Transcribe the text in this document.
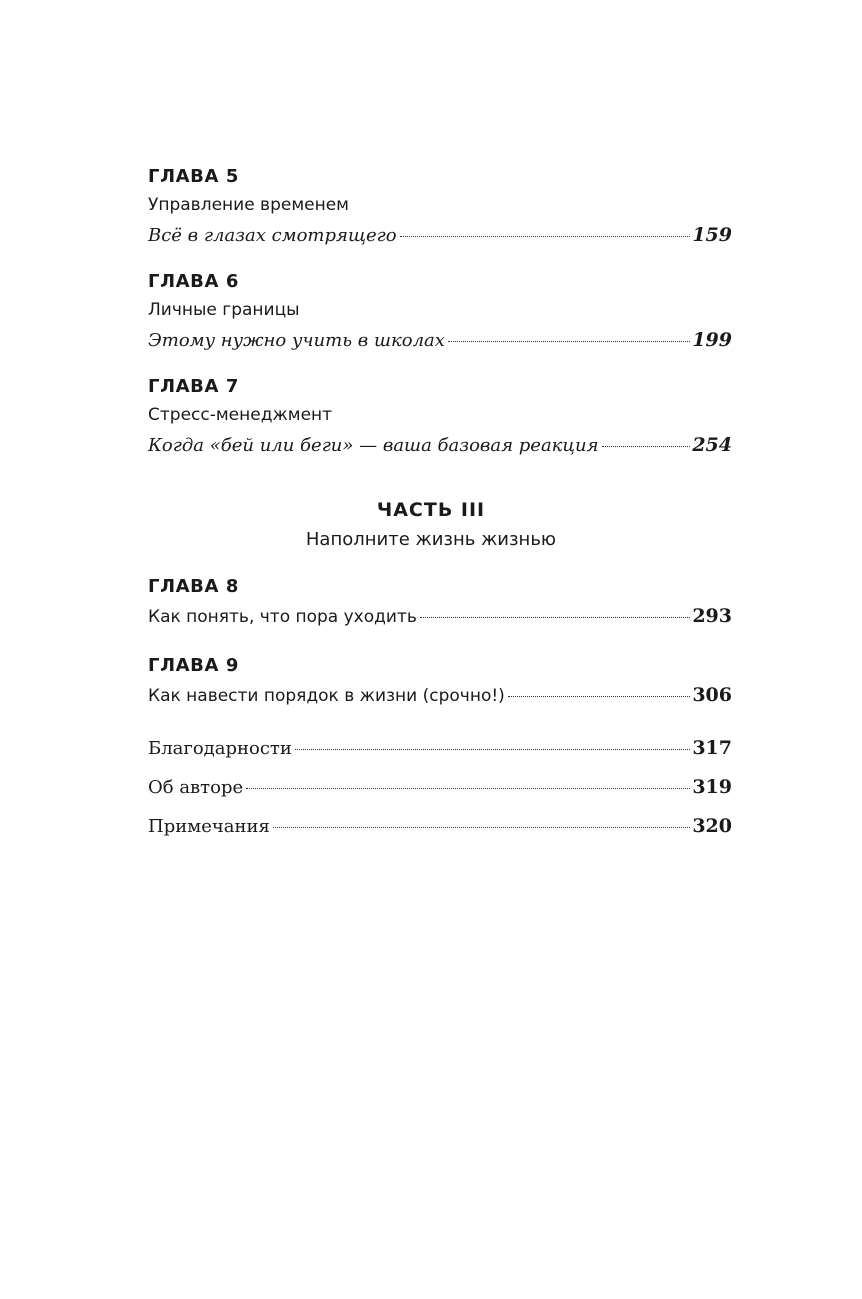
ГЛАВА 5
Управление временем
Всё в глазах смотрящего	159
ГЛАВА 6
Личные границы
Этому нужно учить в школах	199
ГЛАВА 7
Стресс-менеджмент
Когда «бей или беги» — ваша базовая реакция	254
ЧАСТЬ III
Наполните жизнь жизнью
ГЛАВА 8
Как понять, что пора уходить	293
ГЛАВА 9
Как навести порядок в жизни (срочно!)	306
Благодарности	317
Об авторе	319
Примечания	320
